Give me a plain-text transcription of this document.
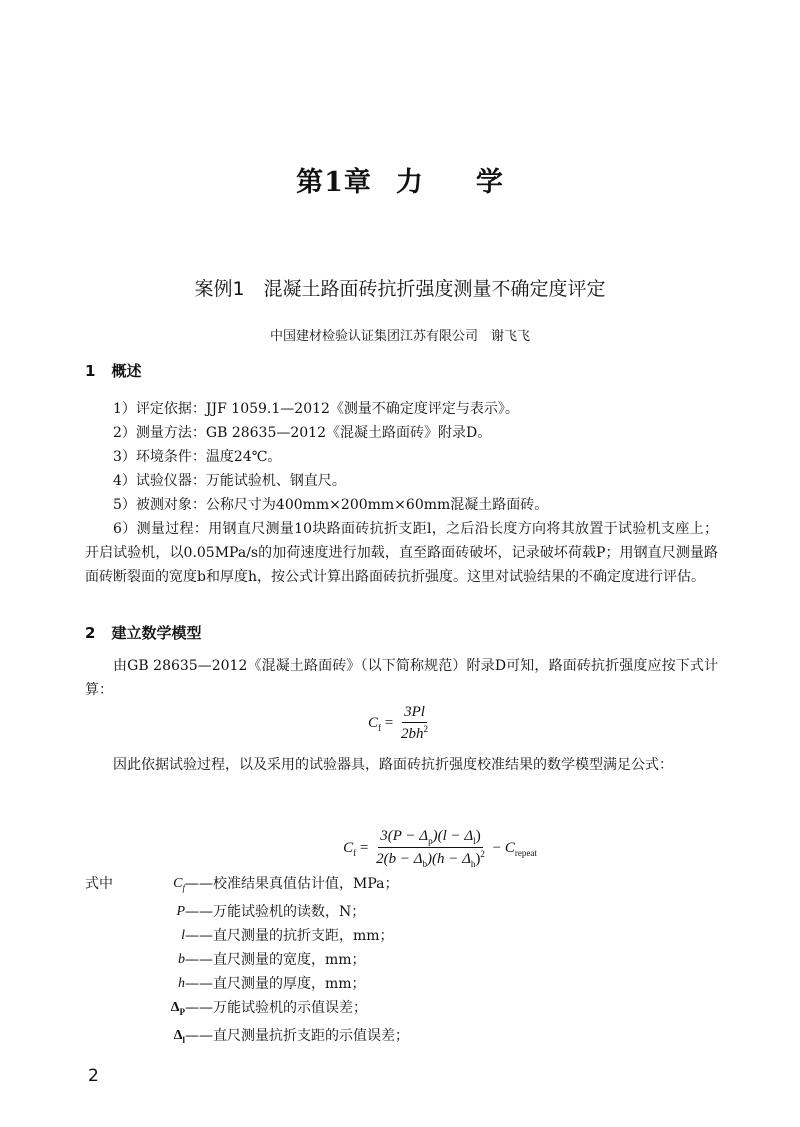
第1章 力 学
案例1　混凝土路面砖抗折强度测量不确定度评定
中国建材检验认证集团江苏有限公司　谢飞飞
1 概述

1）评定依据：JJF 1059.1—2012《测量不确定度评定与表示》。

2）测量方法：GB 28635—2012《混凝土路面砖》附录D。

3）环境条件：温度24℃。

4）试验仪器：万能试验机、钢直尺。

5）被测对象：公称尺寸为400mm×200mm×60mm混凝土路面砖。

6）测量过程：用钢直尺测量10块路面砖抗折支距l，之后沿长度方向将其放置于试验机支座上；开启试验机，以0.05MPa/s的加荷速度进行加载，直至路面砖破坏，记录破坏荷载P；用钢直尺测量路面砖断裂面的宽度b和厚度h，按公式计算出路面砖抗折强度。这里对试验结果的不确定度进行评估。

2 建立数学模型

由GB 28635—2012《混凝土路面砖》（以下简称规范）附录D可知，路面砖抗折强度应按下式计算：

$C_f = \frac{3Pl}{2bh^2}$

因此依据试验过程，以及采用的试验器具，路面砖抗折强度校准结果的数学模型满足公式：

$C_f = \frac{3(P - \Delta_p)(l - \Delta_l)}{2(b - \Delta_b)(h - \Delta_h)^2} - C_{repeat}$
式中	$C_f$ ——校准结果真值估计值，MPa；
P ——万能试验机的读数，N；
l ——直尺测量的抗折支距，mm；
b ——直尺测量的宽度，mm；
h ——直尺测量的厚度，mm；
$\Delta_P$ ——万能试验机的示值误差；
$\Delta_l$ ——直尺测量抗折支距的示值误差；
2
